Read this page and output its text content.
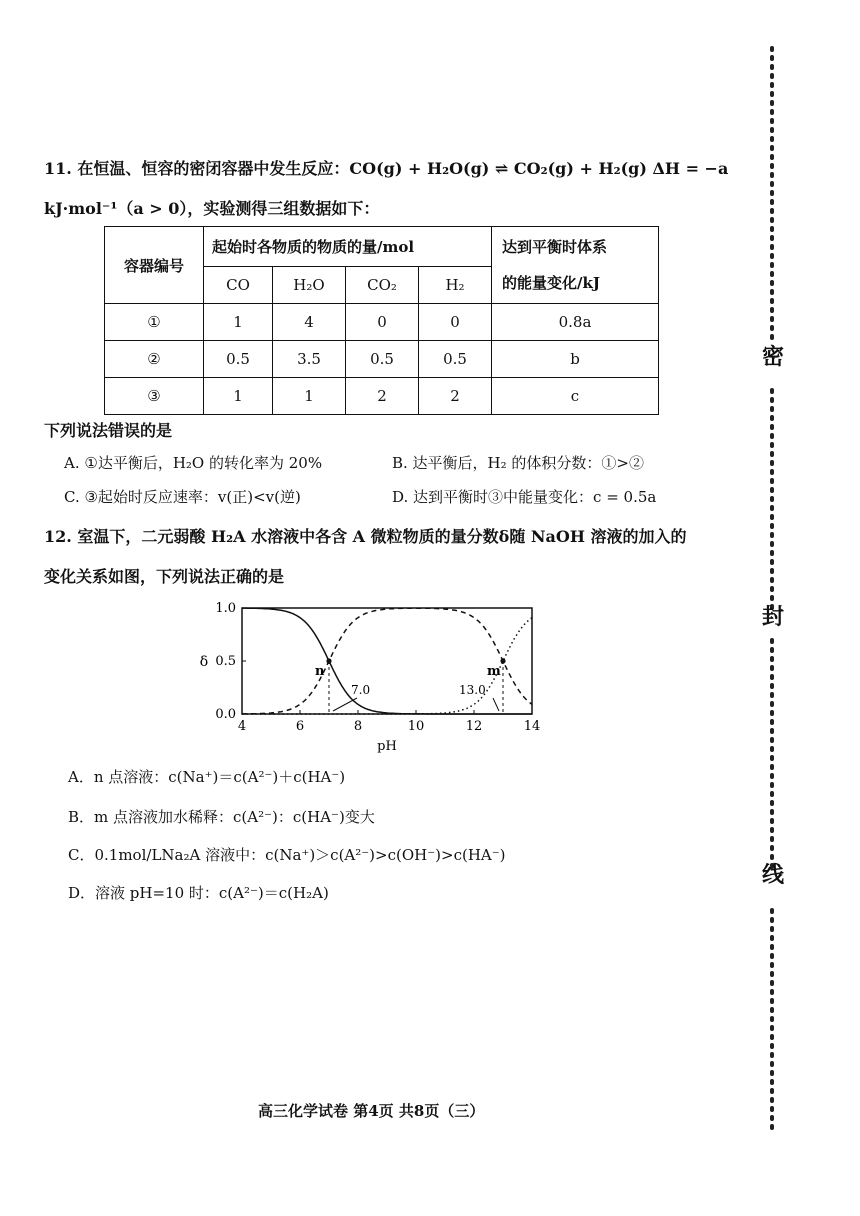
11. 在恒温、恒容的密闭容器中发生反应：CO(g) + H₂O(g) ⇌ CO₂(g) + H₂(g) ΔH = −a
kJ·mol⁻¹（a > 0），实验测得三组数据如下：
容器编号	起始时各物质的物质的量/mol				达到平衡时体系
的能量变化/kJ

	CO	H₂O	CO₂	H₂	
①	1	4	0	0	0.8a
②	0.5	3.5	0.5	0.5	b
③	1	1	2	2	c
下列说法错误的是
A. ①达平衡后，H₂O 的转化率为 20%	B. 达平衡后，H₂ 的体积分数：①>②
C. ③起始时反应速率：v(正)<v(逆)	D. 达到平衡时③中能量变化：c = 0.5a
12. 室温下，二元弱酸 H₂A 水溶液中各含 A 微粒物质的量分数δ随 NaOH 溶液的加入的
变化关系如图，下列说法正确的是
4	6	8	10	12	14
0.0
0.5
1.0
pH
δ
n	m
7.0	13.0
A．n 点溶液：c(Na⁺)＝c(A²⁻)＋c(HA⁻)
B．m 点溶液加水稀释：c(A²⁻)：c(HA⁻)变大
C．0.1mol/LNa₂A 溶液中：c(Na⁺)＞c(A²⁻)>c(OH⁻)>c(HA⁻)
D．溶液 pH=10 时：c(A²⁻)＝c(H₂A)
高三化学试卷 第4页 共8页（三）
密
封
线
